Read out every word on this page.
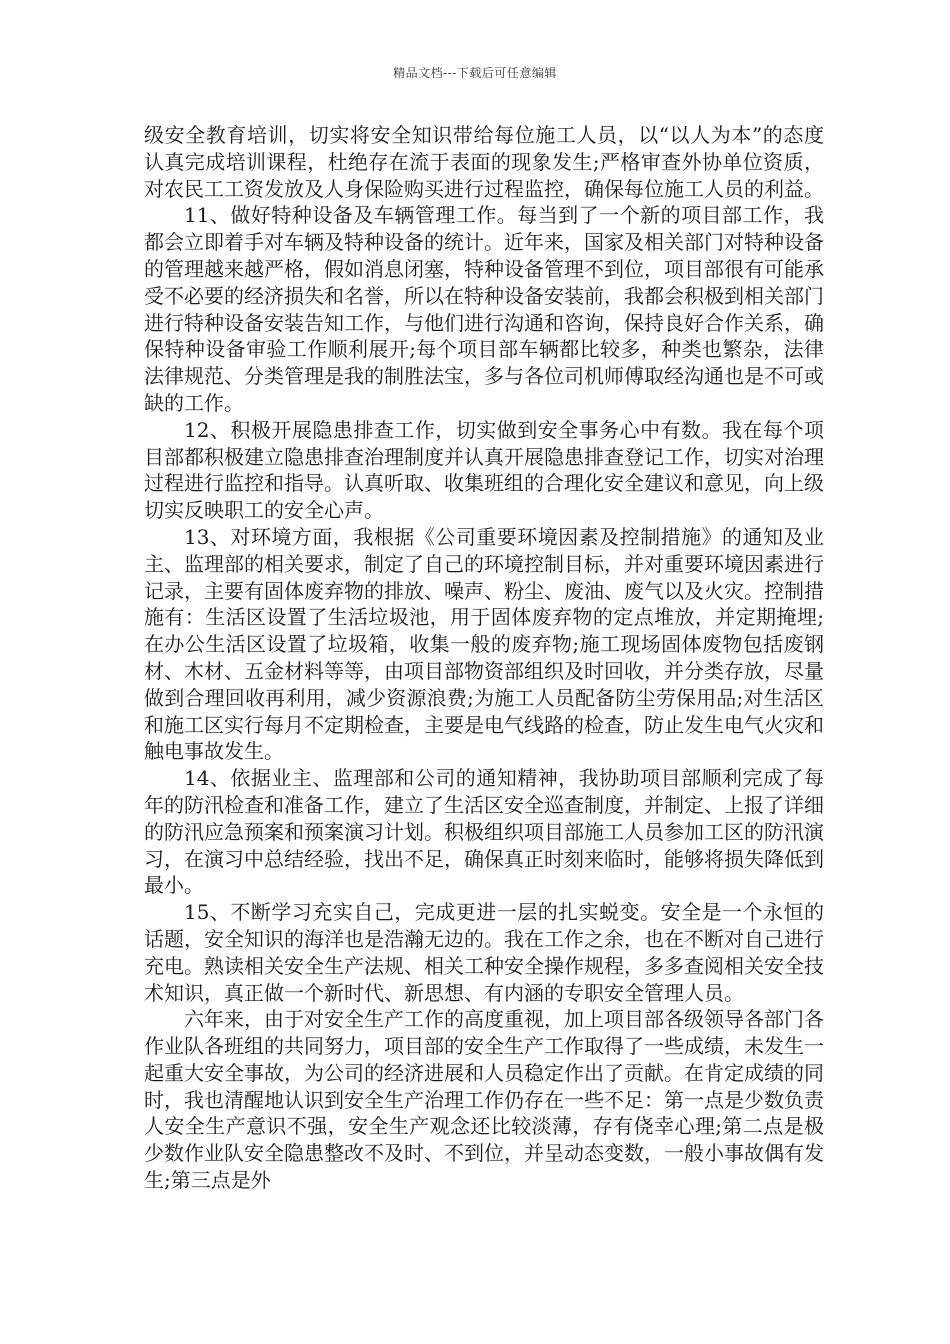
精品文档---下载后可任意编辑

级安全教育培训，切实将安全知识带给每位施工人员，以“以人为本”的态度认真完成培训课程，杜绝存在流于表面的现象发生;严格审查外协单位资质，对农民工工资发放及人身保险购买进行过程监控，确保每位施工人员的利益。

11、做好特种设备及车辆管理工作。每当到了一个新的项目部工作，我都会立即着手对车辆及特种设备的统计。近年来，国家及相关部门对特种设备的管理越来越严格，假如消息闭塞，特种设备管理不到位，项目部很有可能承受不必要的经济损失和名誉，所以在特种设备安装前，我都会积极到相关部门进行特种设备安装告知工作，与他们进行沟通和咨询，保持良好合作关系，确保特种设备审验工作顺利展开;每个项目部车辆都比较多，种类也繁杂，法律法律规范、分类管理是我的制胜法宝，多与各位司机师傅取经沟通也是不可或缺的工作。

12、积极开展隐患排查工作，切实做到安全事务心中有数。我在每个项目部都积极建立隐患排查治理制度并认真开展隐患排查登记工作，切实对治理过程进行监控和指导。认真听取、收集班组的合理化安全建议和意见，向上级切实反映职工的安全心声。

13、对环境方面，我根据《公司重要环境因素及控制措施》的通知及业主、监理部的相关要求，制定了自己的环境控制目标，并对重要环境因素进行记录，主要有固体废弃物的排放、噪声、粉尘、废油、废气以及火灾。控制措施有：生活区设置了生活垃圾池，用于固体废弃物的定点堆放，并定期掩埋;在办公生活区设置了垃圾箱，收集一般的废弃物;施工现场固体废物包括废钢材、木材、五金材料等等，由项目部物资部组织及时回收，并分类存放，尽量做到合理回收再利用，减少资源浪费;为施工人员配备防尘劳保用品;对生活区和施工区实行每月不定期检查，主要是电气线路的检查，防止发生电气火灾和触电事故发生。

14、依据业主、监理部和公司的通知精神，我协助项目部顺利完成了每年的防汛检查和准备工作，建立了生活区安全巡查制度，并制定、上报了详细的防汛应急预案和预案演习计划。积极组织项目部施工人员参加工区的防汛演习，在演习中总结经验，找出不足，确保真正时刻来临时，能够将损失降低到最小。

15、不断学习充实自己，完成更进一层的扎实蜕变。安全是一个永恒的话题，安全知识的海洋也是浩瀚无边的。我在工作之余，也在不断对自己进行充电。熟读相关安全生产法规、相关工种安全操作规程，多多查阅相关安全技术知识，真正做一个新时代、新思想、有内涵的专职安全管理人员。

六年来，由于对安全生产工作的高度重视，加上项目部各级领导各部门各作业队各班组的共同努力，项目部的安全生产工作取得了一些成绩，未发生一起重大安全事故，为公司的经济进展和人员稳定作出了贡献。在肯定成绩的同时，我也清醒地认识到安全生产治理工作仍存在一些不足：第一点是少数负责人安全生产意识不强，安全生产观念还比较淡薄，存有侥幸心理;第二点是极少数作业队安全隐患整改不及时、不到位，并呈动态变数，一般小事故偶有发生;第三点是外
